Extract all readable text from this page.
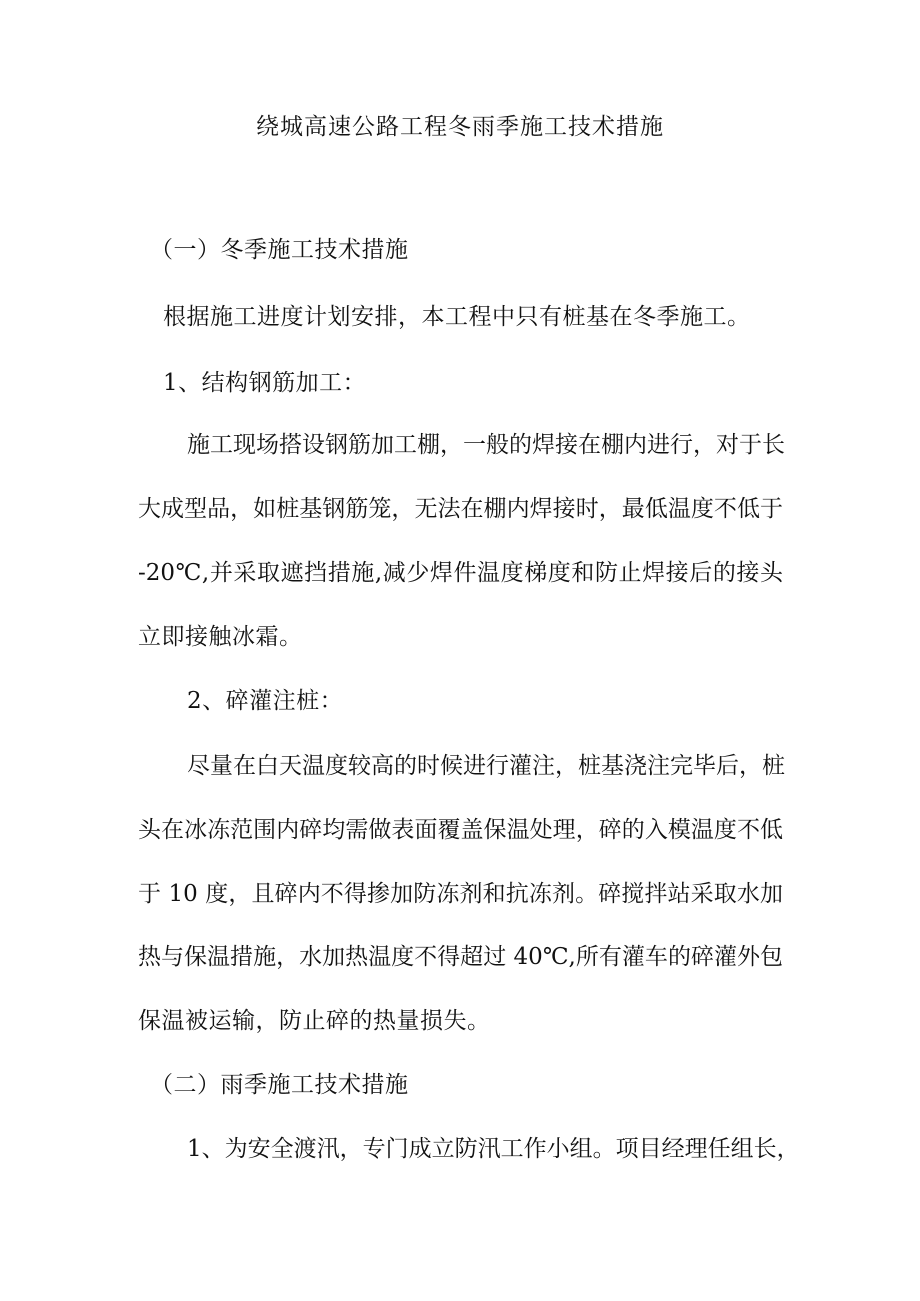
绕城高速公路工程冬雨季施工技术措施
（一）冬季施工技术措施
根据施工进度计划安排，本工程中只有桩基在冬季施工。
1、结构钢筋加工：
施工现场搭设钢筋加工棚，一般的焊接在棚内进行，对于长
大成型品，如桩基钢筋笼，无法在棚内焊接时，最低温度不低于
-20℃,并采取遮挡措施,减少焊件温度梯度和防止焊接后的接头
立即接触冰霜。
2、碎灌注桩：
尽量在白天温度较高的时候进行灌注，桩基浇注完毕后，桩
头在冰冻范围内碎均需做表面覆盖保温处理，碎的入模温度不低
于 10 度，且碎内不得掺加防冻剂和抗冻剂。碎搅拌站采取水加
热与保温措施，水加热温度不得超过 40℃,所有灌车的碎灌外包
保温被运输，防止碎的热量损失。
（二）雨季施工技术措施
1、为安全渡汛，专门成立防汛工作小组。项目经理任组长，
